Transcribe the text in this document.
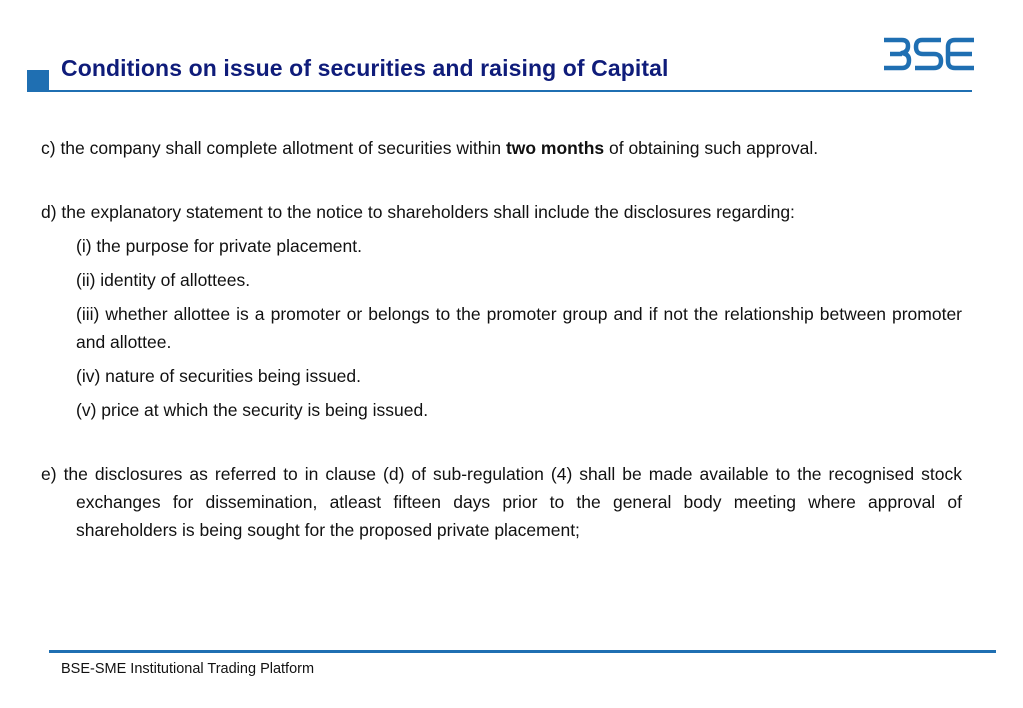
Conditions on issue of securities and raising of Capital

c) the company shall complete allotment of securities within two months of obtaining such approval.

d) the explanatory statement to the notice to shareholders shall include the disclosures regarding:

(i) the purpose for private placement.

(ii) identity of allottees.

(iii) whether allottee is a promoter or belongs to the promoter group and if not the relationship between promoter and allottee.

(iv) nature of securities being issued.

(v) price at which the security is being issued.

e) the disclosures as referred to in clause (d) of sub-regulation (4) shall be made available to the recognised stock exchanges for dissemination, atleast fifteen days prior to the general body meeting where approval of shareholders is being sought for the proposed private placement;

BSE-SME Institutional Trading Platform
